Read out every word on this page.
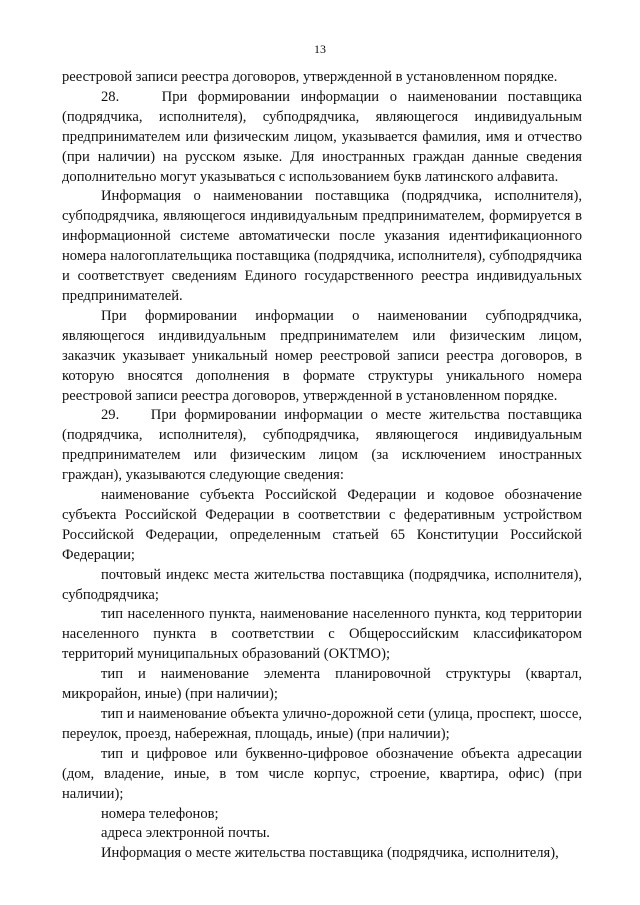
13

реестровой записи реестра договоров, утвержденной в установленном порядке.

28.    При формировании информации о наименовании поставщика (подрядчика, исполнителя), субподрядчика, являющегося индивидуальным предпринимателем или физическим лицом, указывается фамилия, имя и отчество (при наличии) на русском языке. Для иностранных граждан данные сведения дополнительно могут указываться с использованием букв латинского алфавита.

Информация о наименовании поставщика (подрядчика, исполнителя), субподрядчика, являющегося индивидуальным предпринимателем, формируется в информационной системе автоматически после указания идентификационного номера налогоплательщика поставщика (подрядчика, исполнителя), субподрядчика и соответствует сведениям Единого государственного реестра индивидуальных предпринимателей.

При формировании информации о наименовании субподрядчика, являющегося индивидуальным предпринимателем или физическим лицом, заказчик указывает уникальный номер реестровой записи реестра договоров, в которую вносятся дополнения в формате структуры уникального номера реестровой записи реестра договоров, утвержденной в установленном порядке.

29.    При формировании информации о месте жительства поставщика (подрядчика, исполнителя), субподрядчика, являющегося индивидуальным предпринимателем или физическим лицом (за исключением иностранных граждан), указываются следующие сведения:

наименование субъекта Российской Федерации и кодовое обозначение субъекта Российской Федерации в соответствии с федеративным устройством Российской Федерации, определенным статьей 65 Конституции Российской Федерации;

почтовый индекс места жительства поставщика (подрядчика, исполнителя), субподрядчика;

тип населенного пункта, наименование населенного пункта, код территории населенного пункта в соответствии с Общероссийским классификатором территорий муниципальных образований (ОКТМО);

тип и наименование элемента планировочной структуры (квартал, микрорайон, иные) (при наличии);

тип и наименование объекта улично-дорожной сети (улица, проспект, шоссе, переулок, проезд, набережная, площадь, иные) (при наличии);

тип и цифровое или буквенно-цифровое обозначение объекта адресации (дом, владение, иные, в том числе корпус, строение, квартира, офис) (при наличии);

номера телефонов;

адреса электронной почты.

Информация о месте жительства поставщика (подрядчика, исполнителя),
